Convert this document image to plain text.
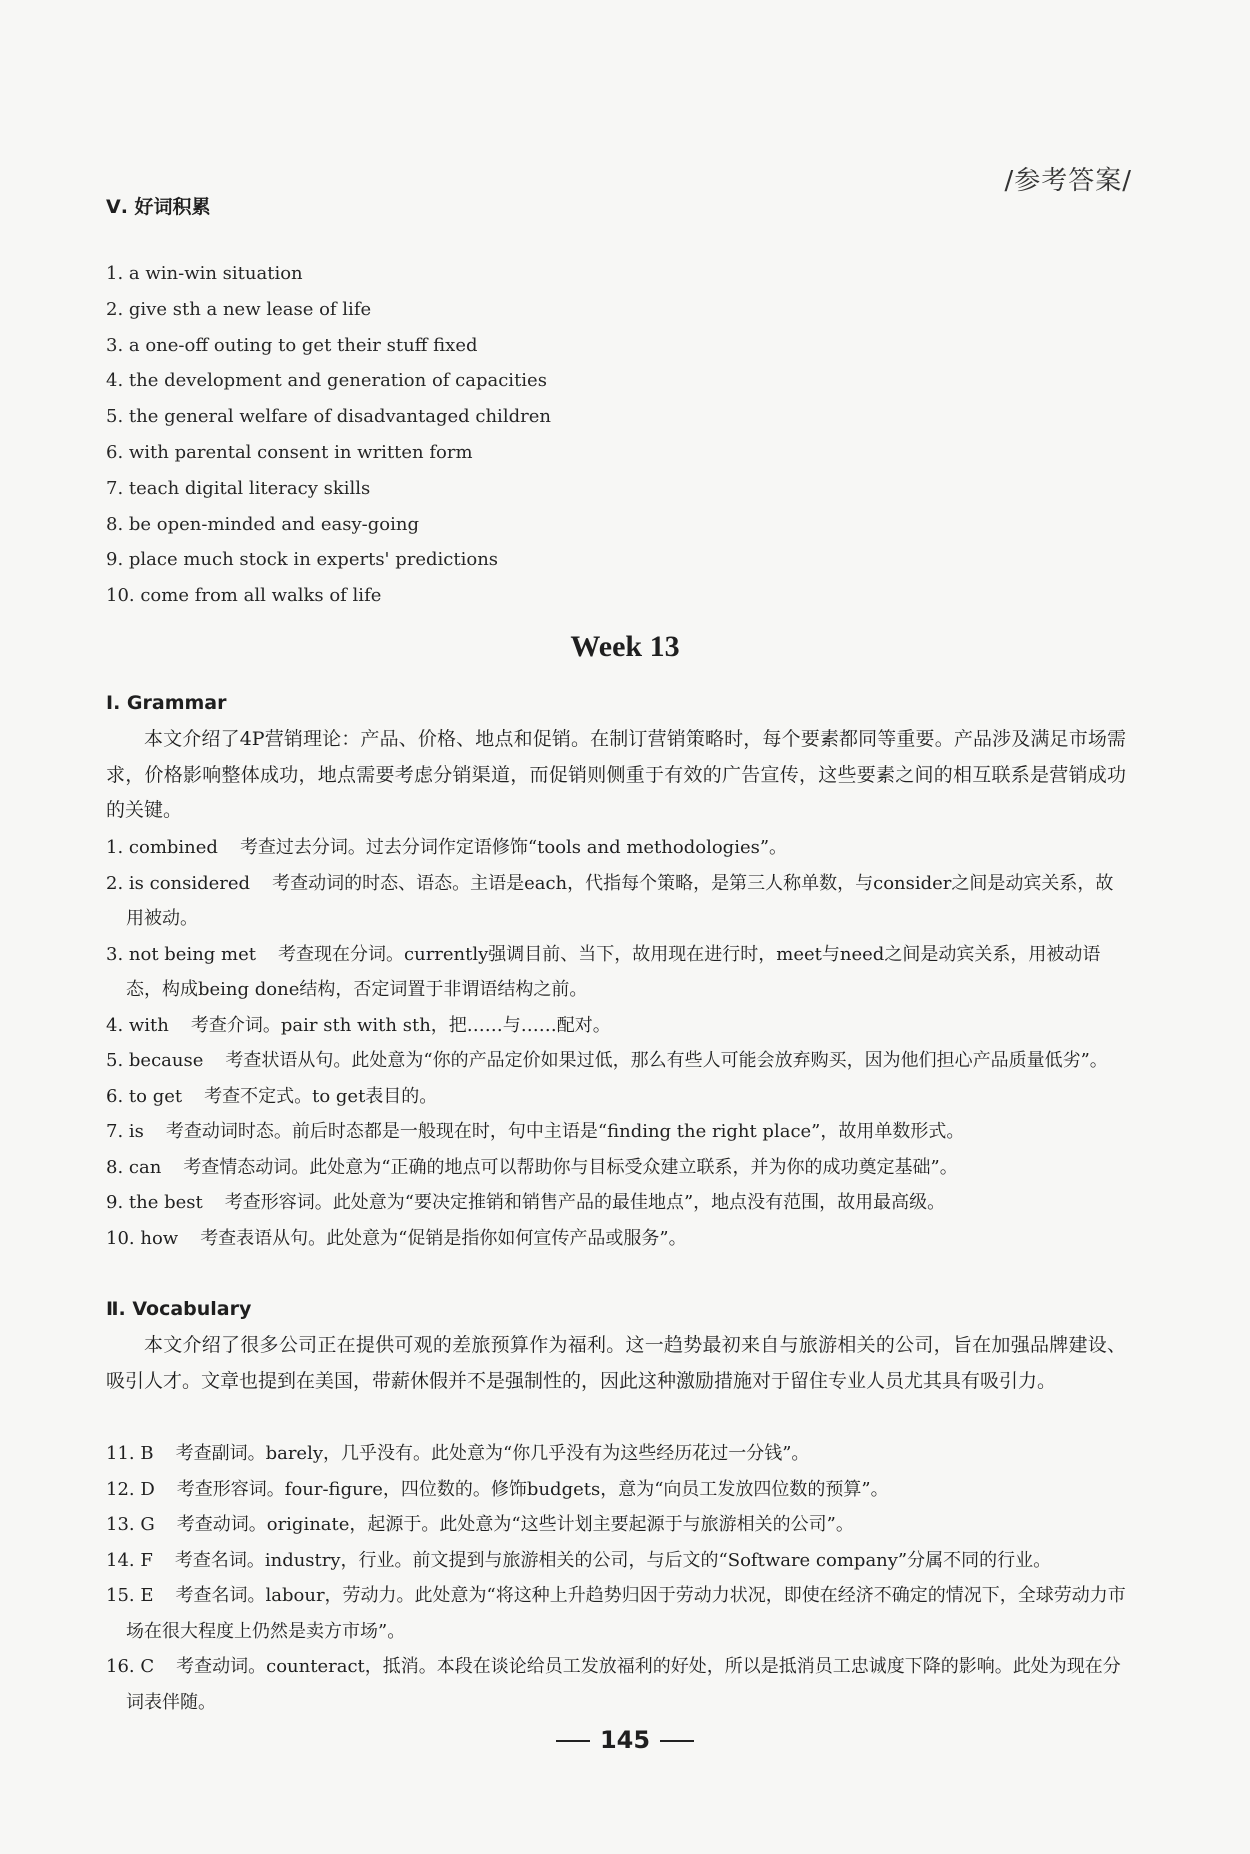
/参考答案/
Ⅴ. 好词积累
1. a win-win situation
2. give sth a new lease of life
3. a one-off outing to get their stuff fixed
4. the development and generation of capacities
5. the general welfare of disadvantaged children
6. with parental consent in written form
7. teach digital literacy skills
8. be open-minded and easy-going
9. place much stock in experts' predictions
10. come from all walks of life
Week 13
Ⅰ. Grammar

本文介绍了4P营销理论：产品、价格、地点和促销。在制订营销策略时，每个要素都同等重要。产品涉及满足市场需求，价格影响整体成功，地点需要考虑分销渠道，而促销则侧重于有效的广告宣传，这些要素之间的相互联系是营销成功的关键。

1. combined 考查过去分词。过去分词作定语修饰“tools and methodologies”。
2. is considered 考查动词的时态、语态。主语是each，代指每个策略，是第三人称单数，与consider之间是动宾关系，故用被动。
3. not being met 考查现在分词。currently强调目前、当下，故用现在进行时，meet与need之间是动宾关系，用被动语态，构成being done结构，否定词置于非谓语结构之前。
4. with 考查介词。pair sth with sth，把……与……配对。
5. because 考查状语从句。此处意为“你的产品定价如果过低，那么有些人可能会放弃购买，因为他们担心产品质量低劣”。
6. to get 考查不定式。to get表目的。
7. is 考查动词时态。前后时态都是一般现在时，句中主语是“finding the right place”，故用单数形式。
8. can 考查情态动词。此处意为“正确的地点可以帮助你与目标受众建立联系，并为你的成功奠定基础”。
9. the best 考查形容词。此处意为“要决定推销和销售产品的最佳地点”，地点没有范围，故用最高级。
10. how 考查表语从句。此处意为“促销是指你如何宣传产品或服务”。
Ⅱ. Vocabulary

本文介绍了很多公司正在提供可观的差旅预算作为福利。这一趋势最初来自与旅游相关的公司，旨在加强品牌建设、吸引人才。文章也提到在美国，带薪休假并不是强制性的，因此这种激励措施对于留住专业人员尤其具有吸引力。

11. B 考查副词。barely，几乎没有。此处意为“你几乎没有为这些经历花过一分钱”。
12. D 考查形容词。four-figure，四位数的。修饰budgets，意为“向员工发放四位数的预算”。
13. G 考查动词。originate，起源于。此处意为“这些计划主要起源于与旅游相关的公司”。
14. F 考查名词。industry，行业。前文提到与旅游相关的公司，与后文的“Software company”分属不同的行业。
15. E 考查名词。labour，劳动力。此处意为“将这种上升趋势归因于劳动力状况，即使在经济不确定的情况下，全球劳动力市场在很大程度上仍然是卖方市场”。
16. C 考查动词。counteract，抵消。本段在谈论给员工发放福利的好处，所以是抵消员工忠诚度下降的影响。此处为现在分词表伴随。
145
